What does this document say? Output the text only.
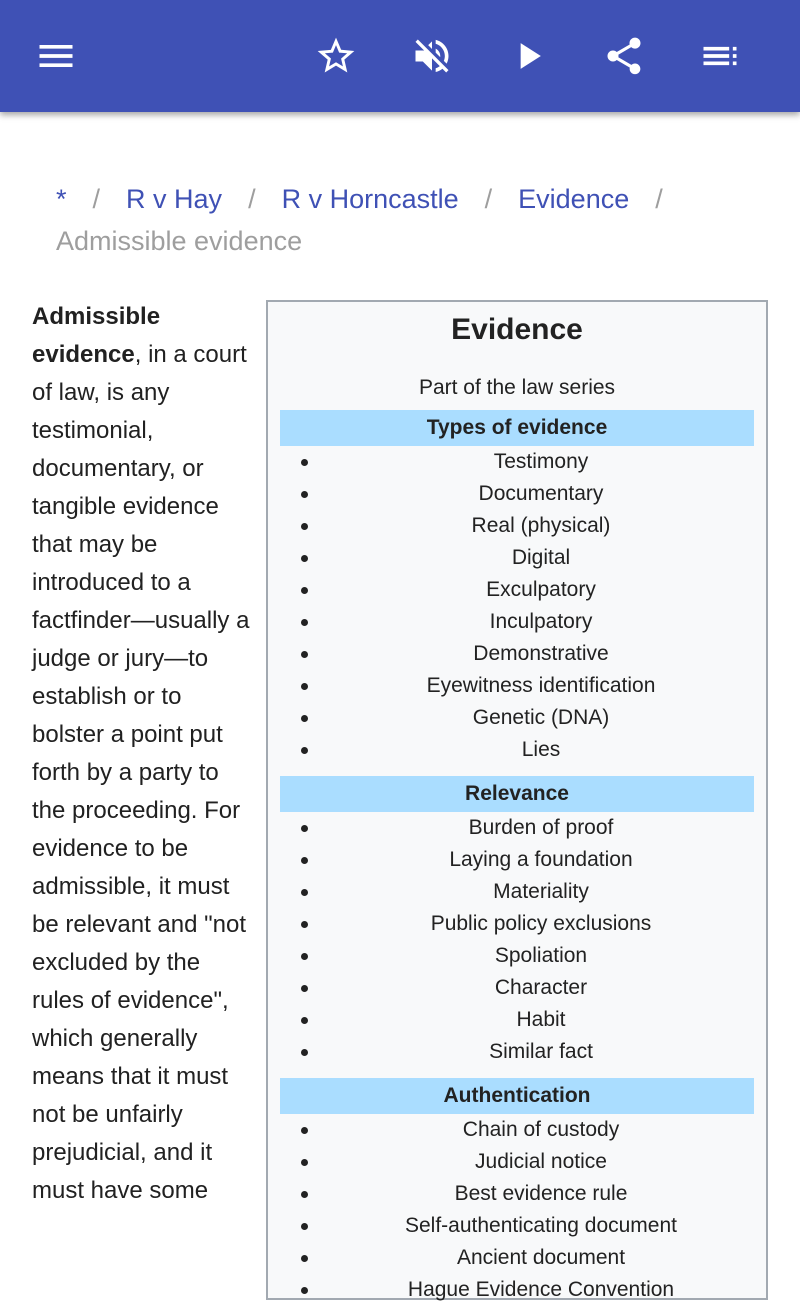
* / R v Hay / R v Horncastle / Evidence /
Admissible evidence
Admissible evidence, in a court of law, is any testimonial, documentary, or tangible evidence that may be introduced to a factfinder—usually a judge or jury—to establish or to bolster a point put forth by a party to the proceeding. For evidence to be admissible, it must be relevant and "not excluded by the rules of evidence", which generally means that it must not be unfairly prejudicial, and it must have some
Evidence
Part of the law series
Types of evidence
Testimony
Documentary
Real (physical)
Digital
Exculpatory
Inculpatory
Demonstrative
Eyewitness identification
Genetic (DNA)
Lies
Relevance
Burden of proof
Laying a foundation
Materiality
Public policy exclusions
Spoliation
Character
Habit
Similar fact
Authentication
Chain of custody
Judicial notice
Best evidence rule
Self-authenticating document
Ancient document
Hague Evidence Convention
